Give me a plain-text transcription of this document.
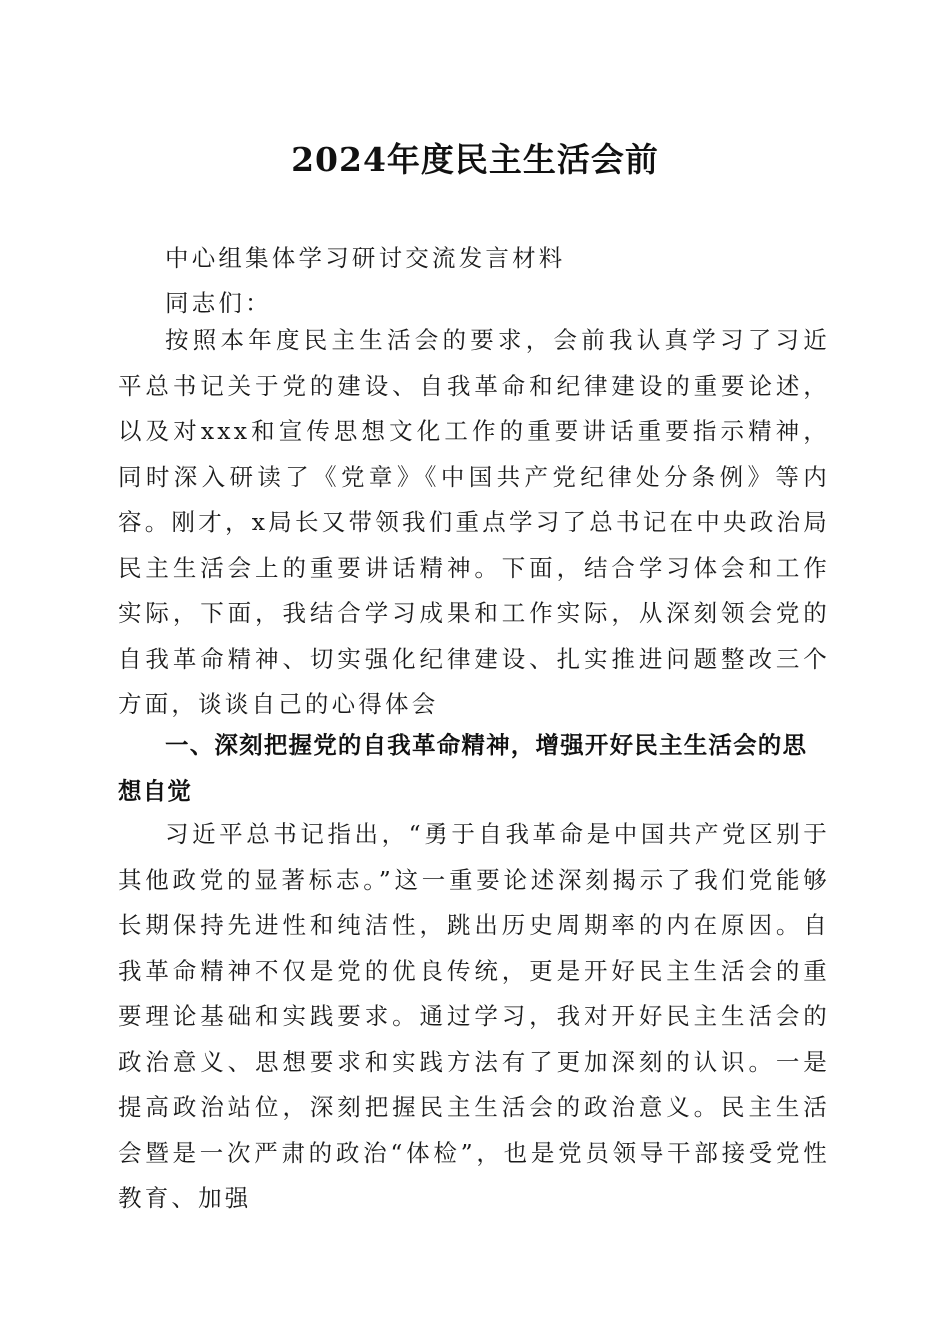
2024年度民主生活会前

中心组集体学习研讨交流发言材料

同志们：

按照本年度民主生活会的要求，会前我认真学习了习近平总书记关于党的建设、自我革命和纪律建设的重要论述，以及对xxx和宣传思想文化工作的重要讲话重要指示精神，同时深入研读了《党章》《中国共产党纪律处分条例》等内容。刚才，x局长又带领我们重点学习了总书记在中央政治局民主生活会上的重要讲话精神。下面，结合学习体会和工作实际，下面，我结合学习成果和工作实际，从深刻领会党的自我革命精神、切实强化纪律建设、扎实推进问题整改三个方面，谈谈自己的心得体会

一、深刻把握党的自我革命精神，增强开好民主生活会的思想自觉

习近平总书记指出，“勇于自我革命是中国共产党区别于其他政党的显著标志。”这一重要论述深刻揭示了我们党能够长期保持先进性和纯洁性，跳出历史周期率的内在原因。自我革命精神不仅是党的优良传统，更是开好民主生活会的重要理论基础和实践要求。通过学习，我对开好民主生活会的政治意义、思想要求和实践方法有了更加深刻的认识。一是提高政治站位，深刻把握民主生活会的政治意义。民主生活会暨是一次严肃的政治“体检”，也是党员领导干部接受党性教育、加强
